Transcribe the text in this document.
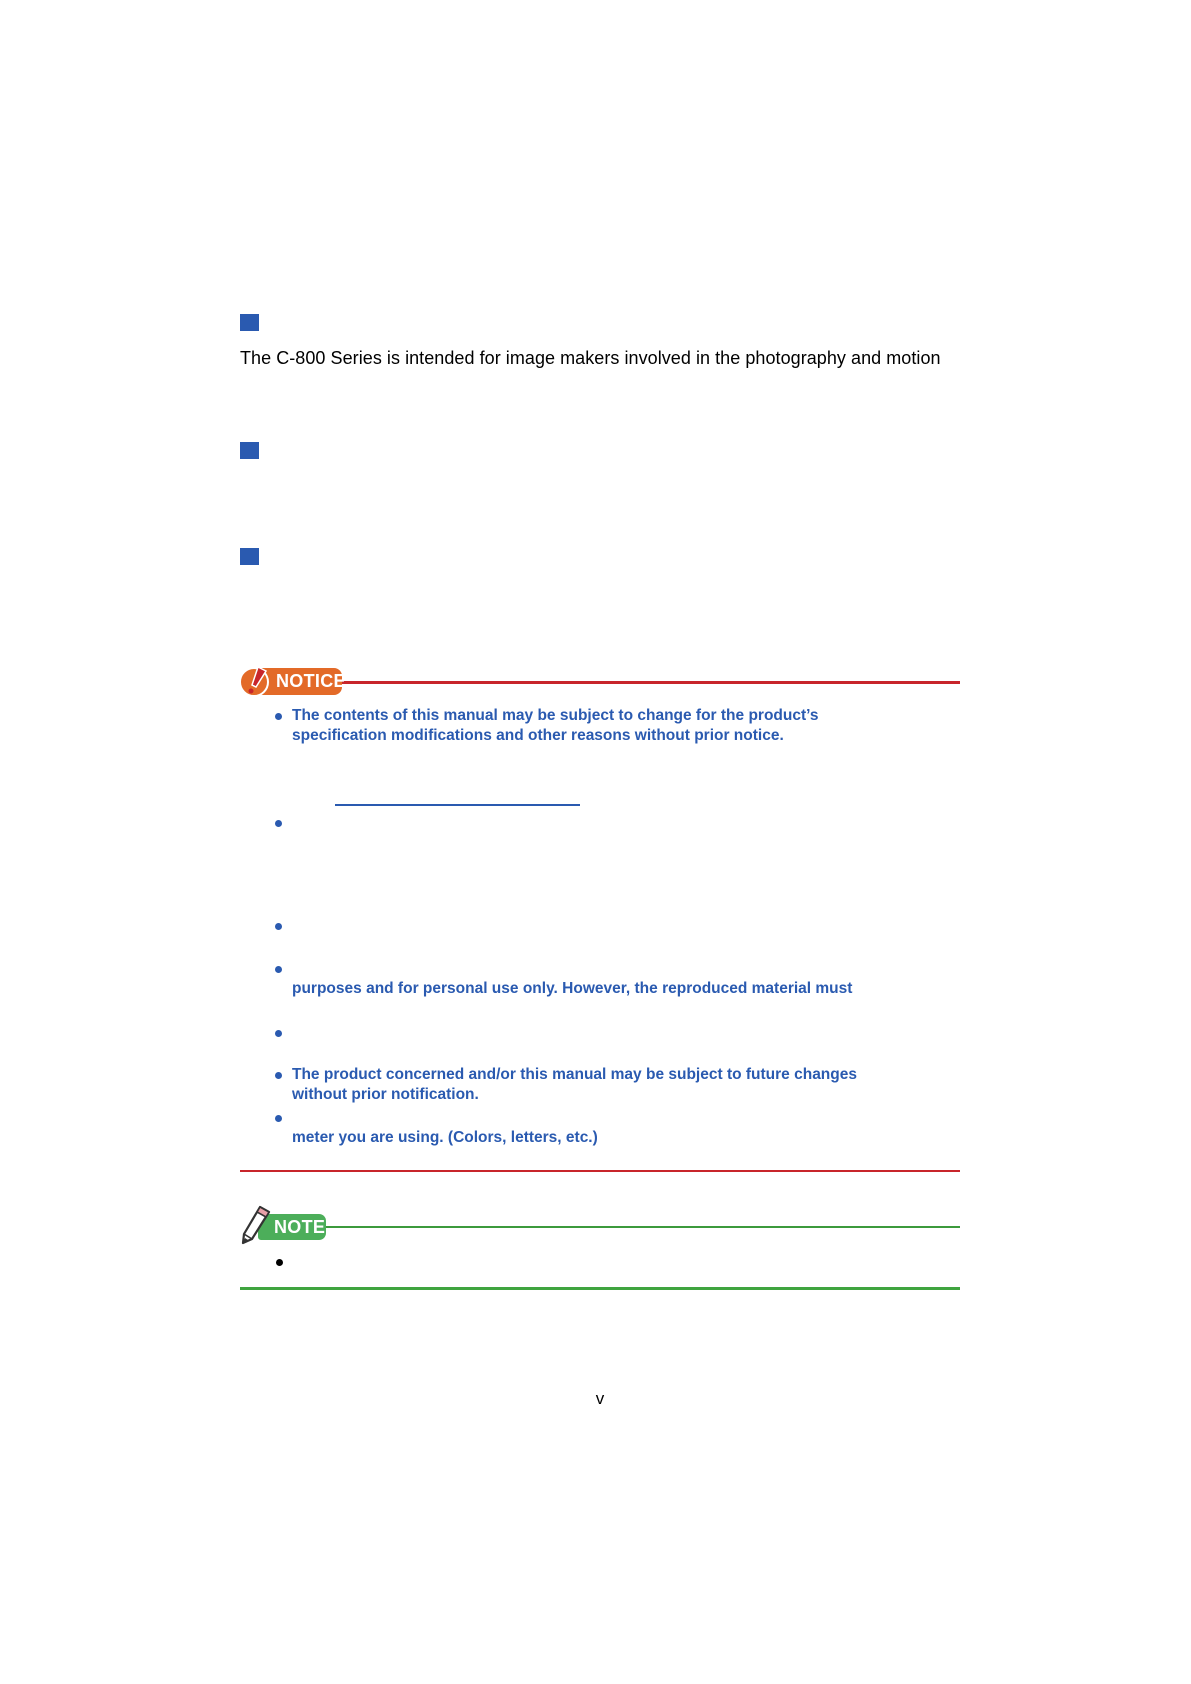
The C-800 Series is intended for image makers involved in the photography and motion
NOTICE
The contents of this manual may be subject to change for the product’s
specification modifications and other reasons without prior notice.
purposes and for personal use only. However, the reproduced material must
The product concerned and/or this manual may be subject to future changes
without prior notification.
meter you are using. (Colors, letters, etc.)
NOTE
v
